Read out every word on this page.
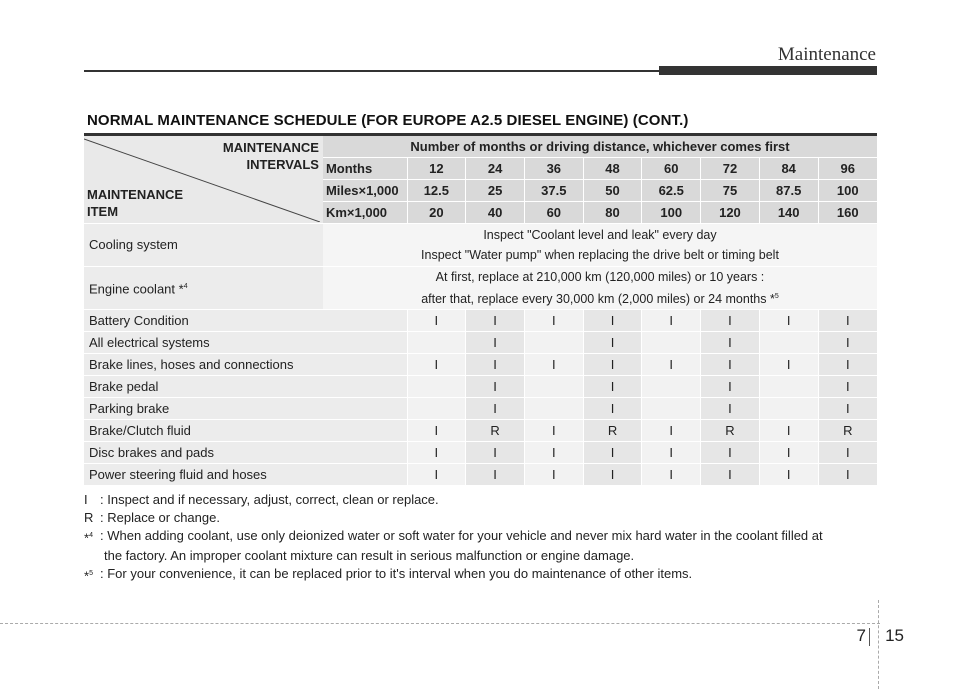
Maintenance
NORMAL MAINTENANCE SCHEDULE (FOR EUROPE A2.5 DIESEL ENGINE) (CONT.)
MAINTENANCE
INTERVALS
MAINTENANCE
ITEM	Number of months or driving distance, whichever comes first								
	Months	12	24	36	48	60	72	84	96
	Miles×1,000	12.5	25	37.5	50	62.5	75	87.5	100
	Km×1,000	20	40	60	80	100	120	140	160
Cooling system	Inspect "Coolant level and leak" every day
Inspect "Water pump" when replacing the drive belt or timing belt								

Engine coolant *$^4$	At first, replace at 210,000 km (120,000 miles) or 10 years :
after that, replace every 30,000 km (2,000 miles) or 24 months *$^5$

Battery Condition		I	I	I	I	I	I	I	I
All electrical systems			I		I		I		I
Brake lines, hoses and connections		I	I	I	I	I	I	I	I
Brake pedal			I		I		I		I
Parking brake			I		I		I		I
Brake/Clutch fluid		I	R	I	R	I	R	I	R
Disc brakes and pads		I	I	I	I	I	I	I	I
Power steering fluid and hoses		I	I	I	I	I	I	I	I
I : Inspect and if necessary, adjust, correct, clean or replace.
R : Replace or change.
*$^4$ : When adding coolant, use only deionized water or soft water for your vehicle and never mix hard water in the coolant filled at
the factory. An improper coolant mixture can result in serious malfunction or engine damage.
*$^5$ : For your convenience, it can be replaced prior to it's interval when you do maintenance of other items.
7 15
